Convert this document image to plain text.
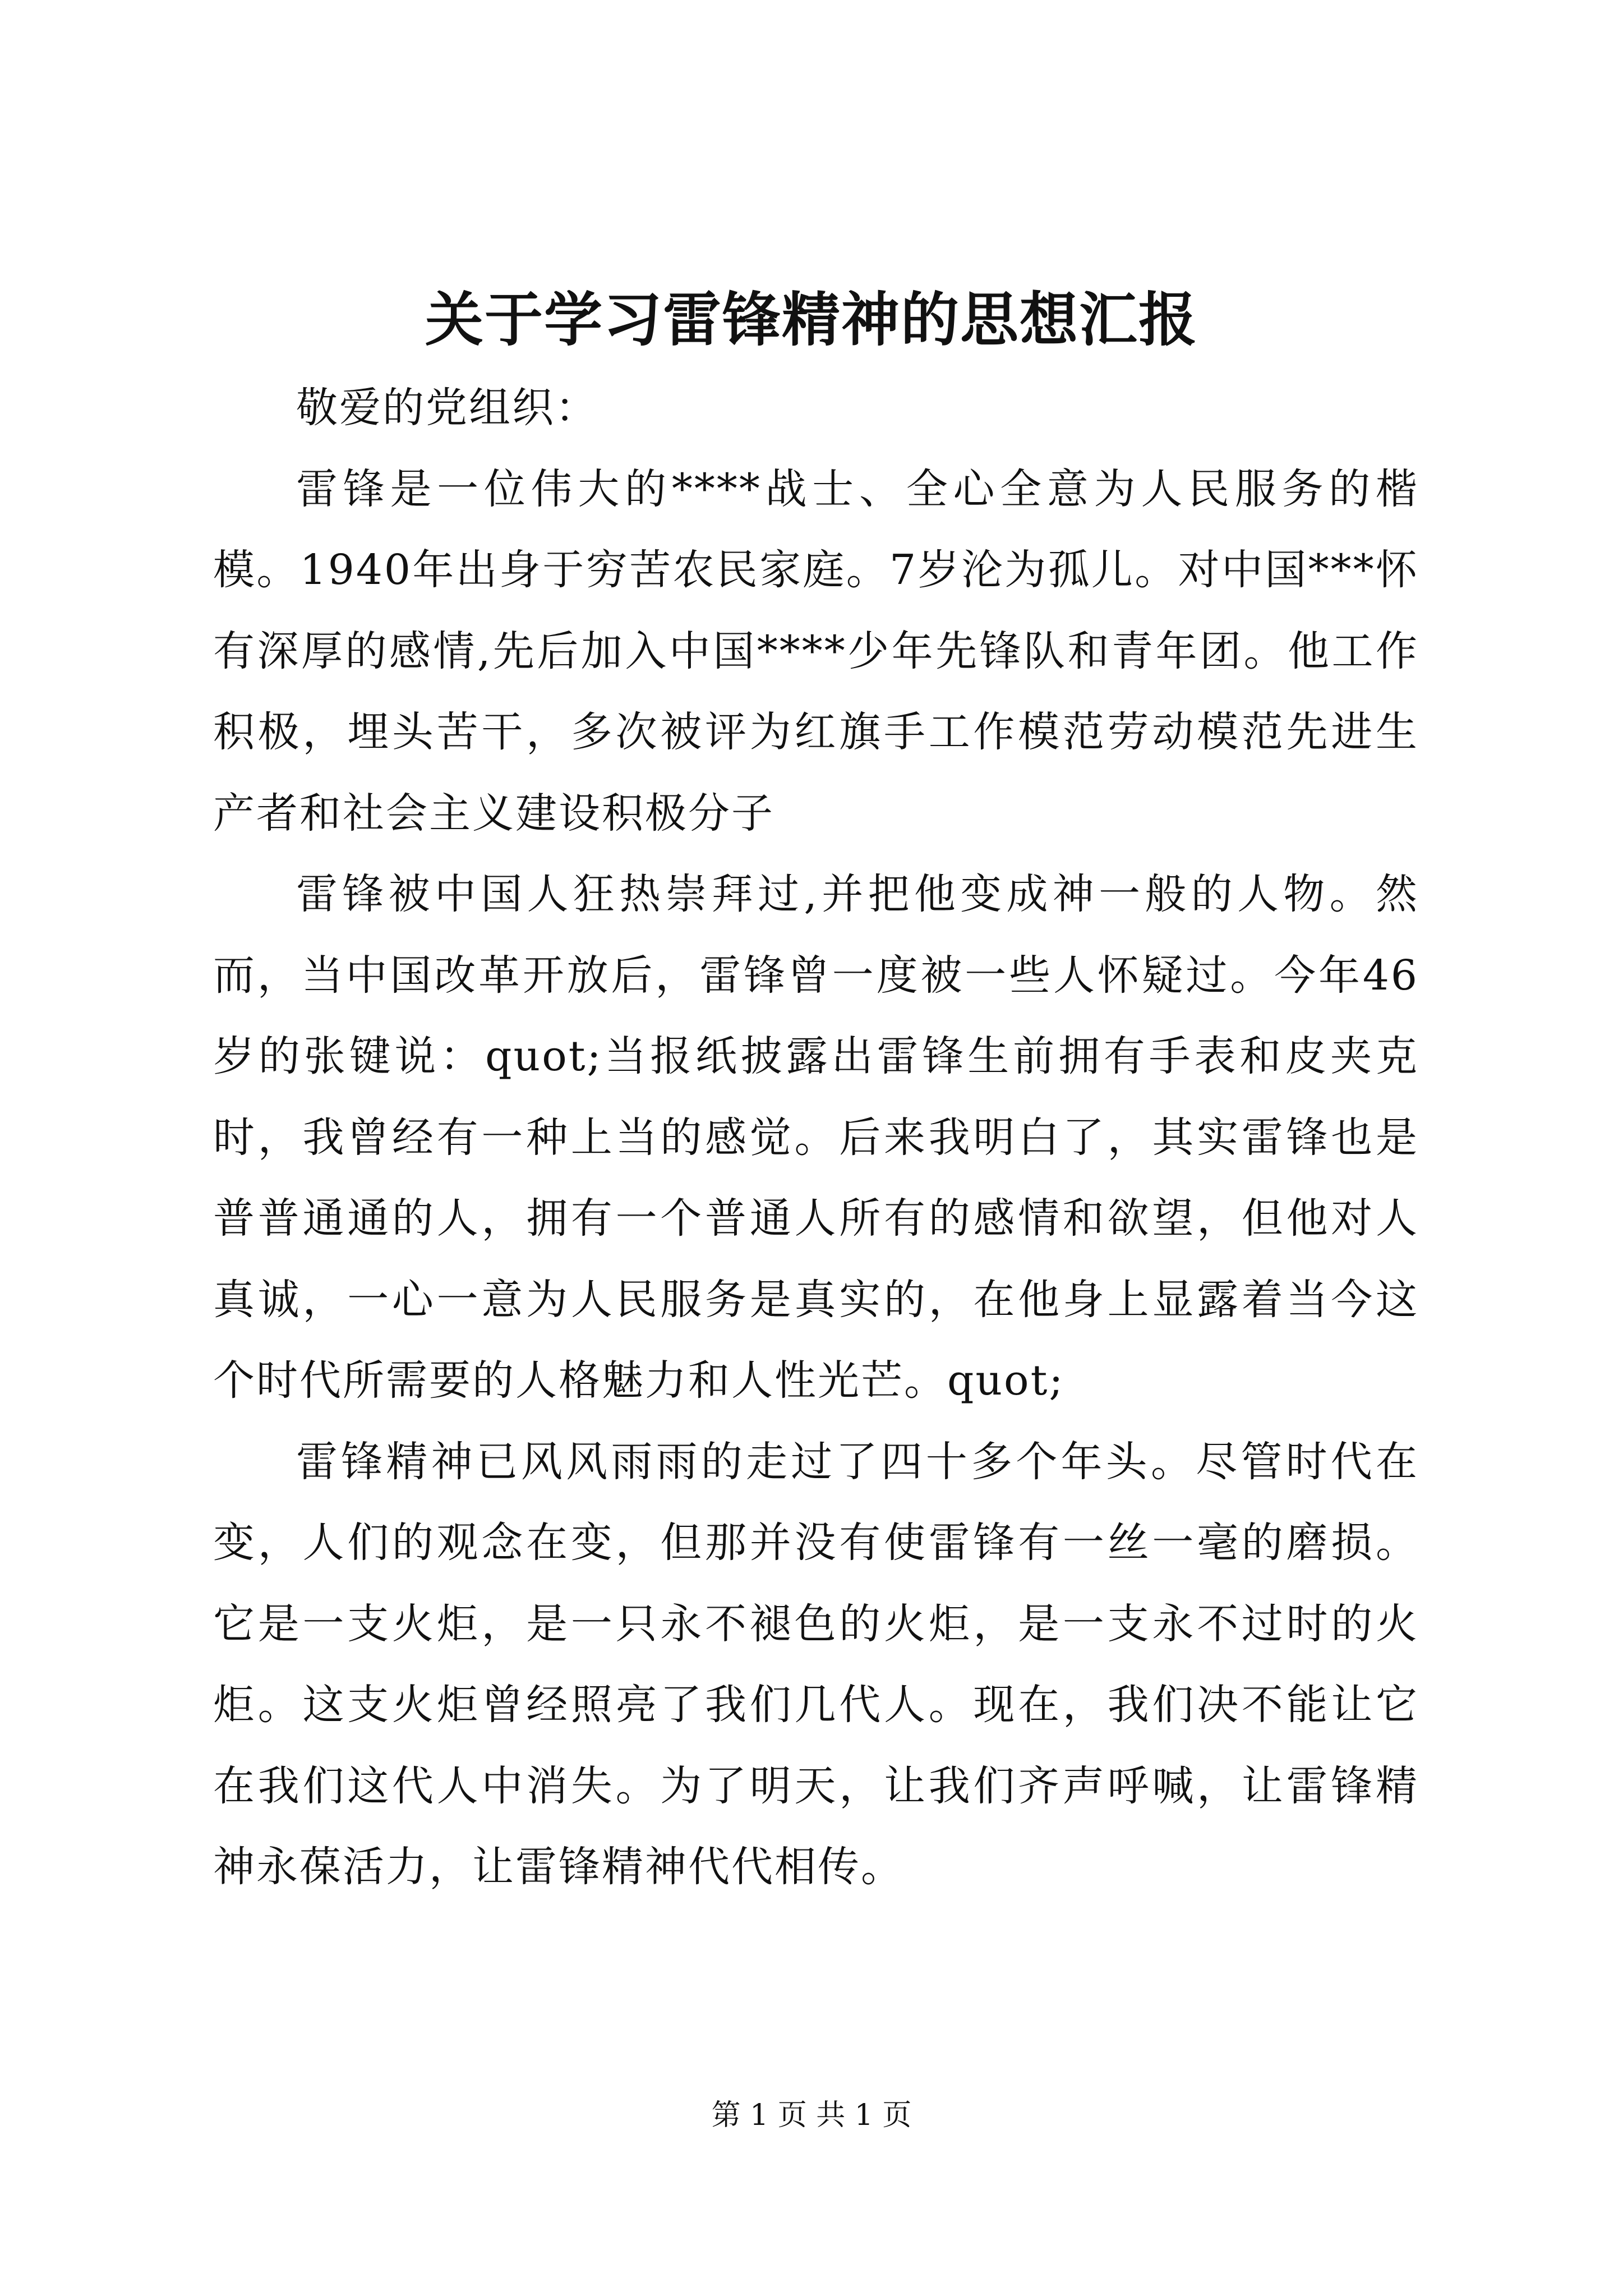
关于学习雷锋精神的思想汇报

敬爱的党组织：

雷锋是一位伟大的****战士、全心全意为人民服务的楷模。1940年出身于穷苦农民家庭。7岁沦为孤儿。对中国***怀有深厚的感情,先后加入中国****少年先锋队和青年团。他工作积极，埋头苦干，多次被评为红旗手工作模范劳动模范先进生产者和社会主义建设积极分子

雷锋被中国人狂热崇拜过,并把他变成神一般的人物。然而，当中国改革开放后，雷锋曾一度被一些人怀疑过。今年46岁的张键说：quot;当报纸披露出雷锋生前拥有手表和皮夹克时，我曾经有一种上当的感觉。后来我明白了，其实雷锋也是普普通通的人，拥有一个普通人所有的感情和欲望，但他对人真诚，一心一意为人民服务是真实的，在他身上显露着当今这个时代所需要的人格魅力和人性光芒。quot;

雷锋精神已风风雨雨的走过了四十多个年头。尽管时代在变，人们的观念在变，但那并没有使雷锋有一丝一毫的磨损。它是一支火炬，是一只永不褪色的火炬，是一支永不过时的火炬。这支火炬曾经照亮了我们几代人。现在，我们决不能让它在我们这代人中消失。为了明天，让我们齐声呼喊，让雷锋精神永葆活力，让雷锋精神代代相传。

第 1 页 共 1 页
